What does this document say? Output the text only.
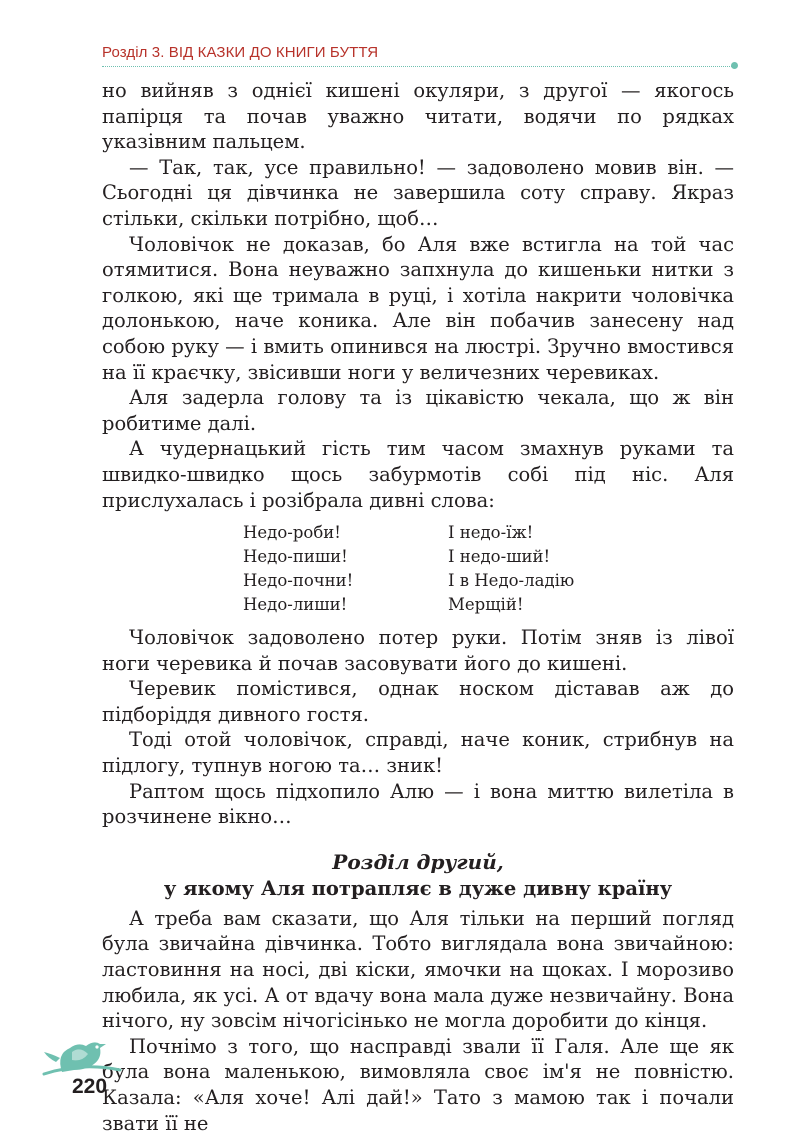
Розділ 3. ВІД КАЗКИ ДО КНИГИ БУТТЯ

но вийняв з однієї кишені окуляри, з другої — якогось папірця та почав уважно читати, водячи по рядках указівним пальцем.

— Так, так, усе правильно! — задоволено мовив він. — Сьогодні ця дівчинка не завершила соту справу. Якраз стільки, скільки потрібно, щоб…

Чоловічок не доказав, бо Аля вже встигла на той час отямитися. Вона неуважно запхнула до кишеньки нитки з голкою, які ще тримала в руці, і хотіла накрити чоловічка долонькою, наче коника. Але він побачив занесену над собою руку — і вмить опинився на люстрі. Зручно вмостився на її краєчку, звісивши ноги у величезних черевиках.

Аля задерла голову та із цікавістю чекала, що ж він робитиме далі.

А чудернацький гість тим часом змахнув руками та швидко-швидко щось забурмотів собі під ніс. Аля прислухалась і розібрала дивні слова:

Недо-роби!	І недо-їж!
Недо-пиши!	І недо-ший!
Недо-почни!	І в Недо-ладію
Недо-лиши!	Мерщій!

Чоловічок задоволено потер руки. Потім зняв із лівої ноги черевика й почав засовувати його до кишені.

Черевик помістився, однак носком діставав аж до підборіддя дивного гостя.

Тоді отой чоловічок, справді, наче коник, стрибнув на підлогу, тупнув ногою та… зник!

Раптом щось підхопило Алю — і вона миттю вилетіла в розчинене вікно…

Розділ другий,
у якому Аля потрапляє в дуже дивну країну

А треба вам сказати, що Аля тільки на перший погляд була звичайна дівчинка. Тобто виглядала вона звичайною: ластовиння на носі, дві кіски, ямочки на щоках. І морозиво любила, як усі. А от вдачу вона мала дуже незвичайну. Вона нічого, ну зовсім нічогісінько не могла доробити до кінця.

Почнімо з того, що насправді звали її Галя. Але ще як була вона маленькою, вимовляла своє ім'я не повністю. Казала: «Аля хоче! Алі дай!» Тато з мамою так і почали звати її не

220
